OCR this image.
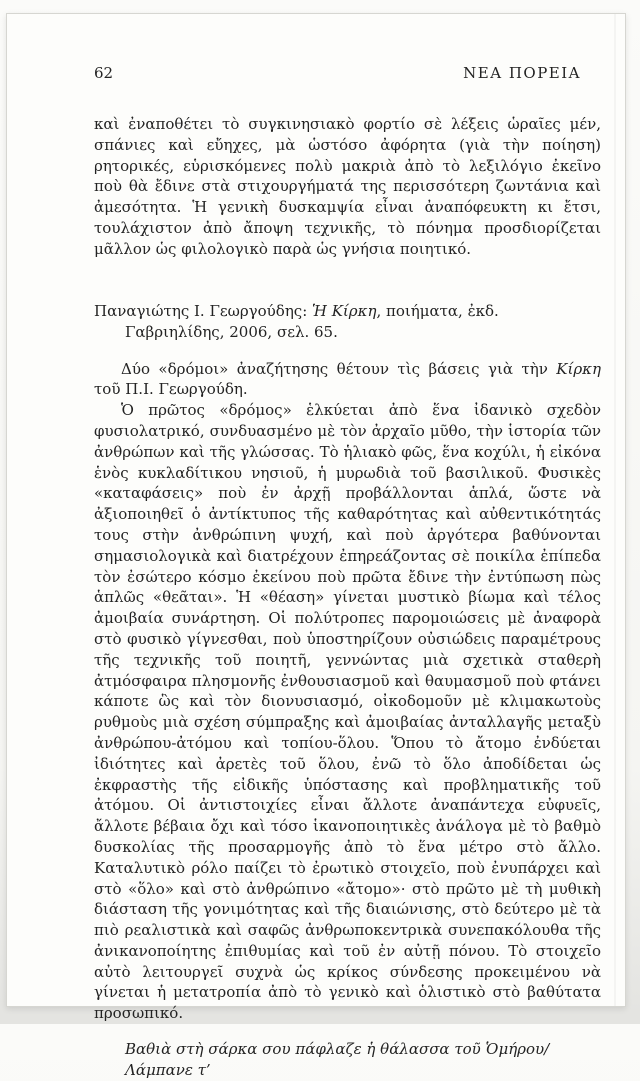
62	ΝΕΑ ΠΟΡΕΙΑ

καὶ ἐναποθέτει τὸ συγκινησιακὸ φορτίο σὲ λέξεις ὡραῖες μέν, σπάνιες καὶ εὔηχες, μὰ ὡστόσο ἀφόρητα (γιὰ τὴν ποίηση) ρητορικές, εὑρισκόμενες πολὺ μακριὰ ἀπὸ τὸ λεξιλόγιο ἐκεῖνο ποὺ θὰ ἔδινε στὰ στιχουργήματά της περισσότερη ζωντάνια καὶ ἀμεσότητα. Ἡ γενικὴ δυσκαμψία εἶναι ἀναπόφευκτη κι ἔτσι, τουλάχιστον ἀπὸ ἄποψη τεχνικῆς, τὸ πόνημα προσδιορίζεται μᾶλλον ὡς φιλολογικὸ παρὰ ὡς γνήσια ποιητικό.

Παναγιώτης Ι. Γεωργούδης: Ἡ Κίρκη, ποιήματα, ἐκδ. Γαβριηλίδης, 2006, σελ. 65.

Δύο «δρόμοι» ἀναζήτησης θέτουν τὶς βάσεις γιὰ τὴν Κίρκη τοῦ Π.Ι. Γεωργούδη.

Ὁ πρῶτος «δρόμος» ἑλκύεται ἀπὸ ἕνα ἰδανικὸ σχεδὸν φυσιολατρικό, συνδυασμένο μὲ τὸν ἀρχαῖο μῦθο, τὴν ἱστορία τῶν ἀνθρώπων καὶ τῆς γλώσσας. Τὸ ἡλιακὸ φῶς, ἕνα κοχύλι, ἡ εἰκόνα ἑνὸς κυκλαδίτικου νησιοῦ, ἡ μυρωδιὰ τοῦ βασιλικοῦ. Φυσικὲς «καταφάσεις» ποὺ ἐν ἀρχῇ προβάλλονται ἁπλά, ὥστε νὰ ἀξιοποιηθεῖ ὁ ἀντίκτυπος τῆς καθαρότητας καὶ αὐθεντικότητάς τους στὴν ἀνθρώπινη ψυχή, καὶ ποὺ ἀργότερα βαθύνονται σημασιολογικὰ καὶ διατρέχουν ἐπηρεάζοντας σὲ ποικίλα ἐπίπεδα τὸν ἐσώτερο κόσμο ἐκείνου ποὺ πρῶτα ἔδινε τὴν ἐντύπωση πὼς ἁπλῶς «θεᾶται». Ἡ «θέαση» γίνεται μυστικὸ βίωμα καὶ τέλος ἀμοιβαία συνάρτηση. Οἱ πολύτροπες παρομοιώσεις μὲ ἀναφορὰ στὸ φυσικὸ γίγνεσθαι, ποὺ ὑποστηρίζουν οὐσιώδεις παραμέτρους τῆς τεχνικῆς τοῦ ποιητῆ, γεννώντας μιὰ σχετικὰ σταθερὴ ἀτμόσφαιρα πλησμονῆς ἐνθουσιασμοῦ καὶ θαυμασμοῦ ποὺ φτάνει κάποτε ὣς καὶ τὸν διονυσιασμό, οἰκοδομοῦν μὲ κλιμακωτοὺς ρυθμοὺς μιὰ σχέση σύμπραξης καὶ ἀμοιβαίας ἀνταλλαγῆς μεταξὺ ἀνθρώπου-ἀτόμου καὶ τοπίου-ὅλου. Ὅπου τὸ ἄτομο ἐνδύεται ἰδιότητες καὶ ἀρετὲς τοῦ ὅλου, ἐνῶ τὸ ὅλο ἀποδίδεται ὡς ἐκφραστὴς τῆς εἰδικῆς ὑπόστασης καὶ προβληματικῆς τοῦ ἀτόμου. Οἱ ἀντιστοιχίες εἶναι ἄλλοτε ἀναπάντεχα εὐφυεῖς, ἄλλοτε βέβαια ὄχι καὶ τόσο ἱκανοποιητικὲς ἀνάλογα μὲ τὸ βαθμὸ δυσκολίας τῆς προσαρμογῆς ἀπὸ τὸ ἕνα μέτρο στὸ ἄλλο. Καταλυτικὸ ρόλο παίζει τὸ ἐρωτικὸ στοιχεῖο, ποὺ ἐνυπάρχει καὶ στὸ «ὅλο» καὶ στὸ ἀνθρώπινο «ἄτομο»· στὸ πρῶτο μὲ τὴ μυθικὴ διάσταση τῆς γονιμότητας καὶ τῆς διαιώνισης, στὸ δεύτερο μὲ τὰ πιὸ ρεαλιστικὰ καὶ σαφῶς ἀνθρωποκεντρικὰ συνεπακόλουθα τῆς ἀνικανοποίητης ἐπιθυμίας καὶ τοῦ ἐν αὐτῇ πόνου. Τὸ στοιχεῖο αὐτὸ λειτουργεῖ συχνὰ ὡς κρίκος σύνδεσης προκειμένου νὰ γίνεται ἡ μετατροπία ἀπὸ τὸ γενικὸ καὶ ὁλιστικὸ στὸ βαθύτατα προσωπικό.

Βαθιὰ στὴ σάρκα σου πάφλαζε ἡ θάλασσα τοῦ Ὁμήρου/Λάμπανε τ’
